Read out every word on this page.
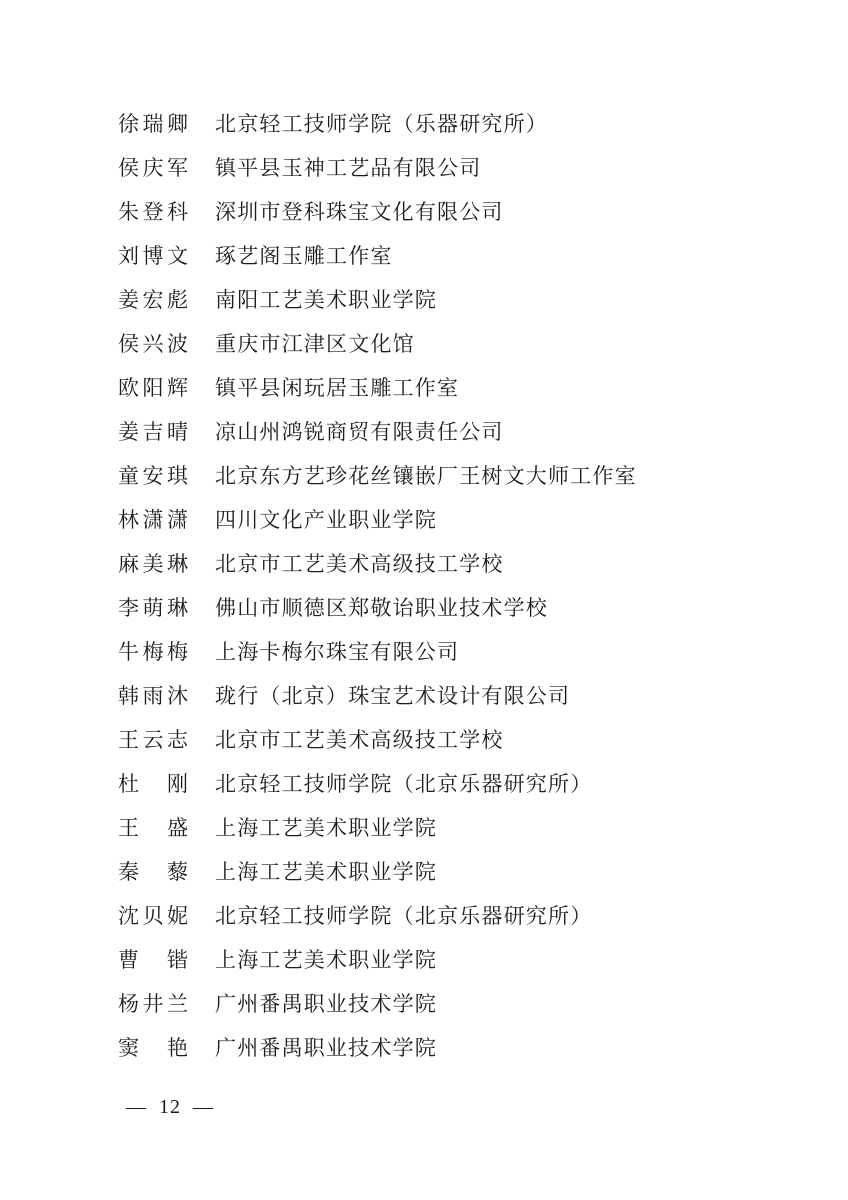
徐瑞卿	北京轻工技师学院（乐器研究所）
侯庆军	镇平县玉神工艺品有限公司
朱登科	深圳市登科珠宝文化有限公司
刘博文	琢艺阁玉雕工作室
姜宏彪	南阳工艺美术职业学院
侯兴波	重庆市江津区文化馆
欧阳辉	镇平县闲玩居玉雕工作室
姜吉晴	凉山州鸿锐商贸有限责任公司
童安琪	北京东方艺珍花丝镶嵌厂王树文大师工作室
林潇潇	四川文化产业职业学院
麻美琳	北京市工艺美术高级技工学校
李萌琳	佛山市顺德区郑敬诒职业技术学校
牛梅梅	上海卡梅尔珠宝有限公司
韩雨沐	珑行（北京）珠宝艺术设计有限公司
王云志	北京市工艺美术高级技工学校
杜　刚	北京轻工技师学院（北京乐器研究所）
王　盛	上海工艺美术职业学院
秦　藜	上海工艺美术职业学院
沈贝妮	北京轻工技师学院（北京乐器研究所）
曹　锴	上海工艺美术职业学院
杨井兰	广州番禺职业技术学院
窦　艳	广州番禺职业技术学院
— 12 —
